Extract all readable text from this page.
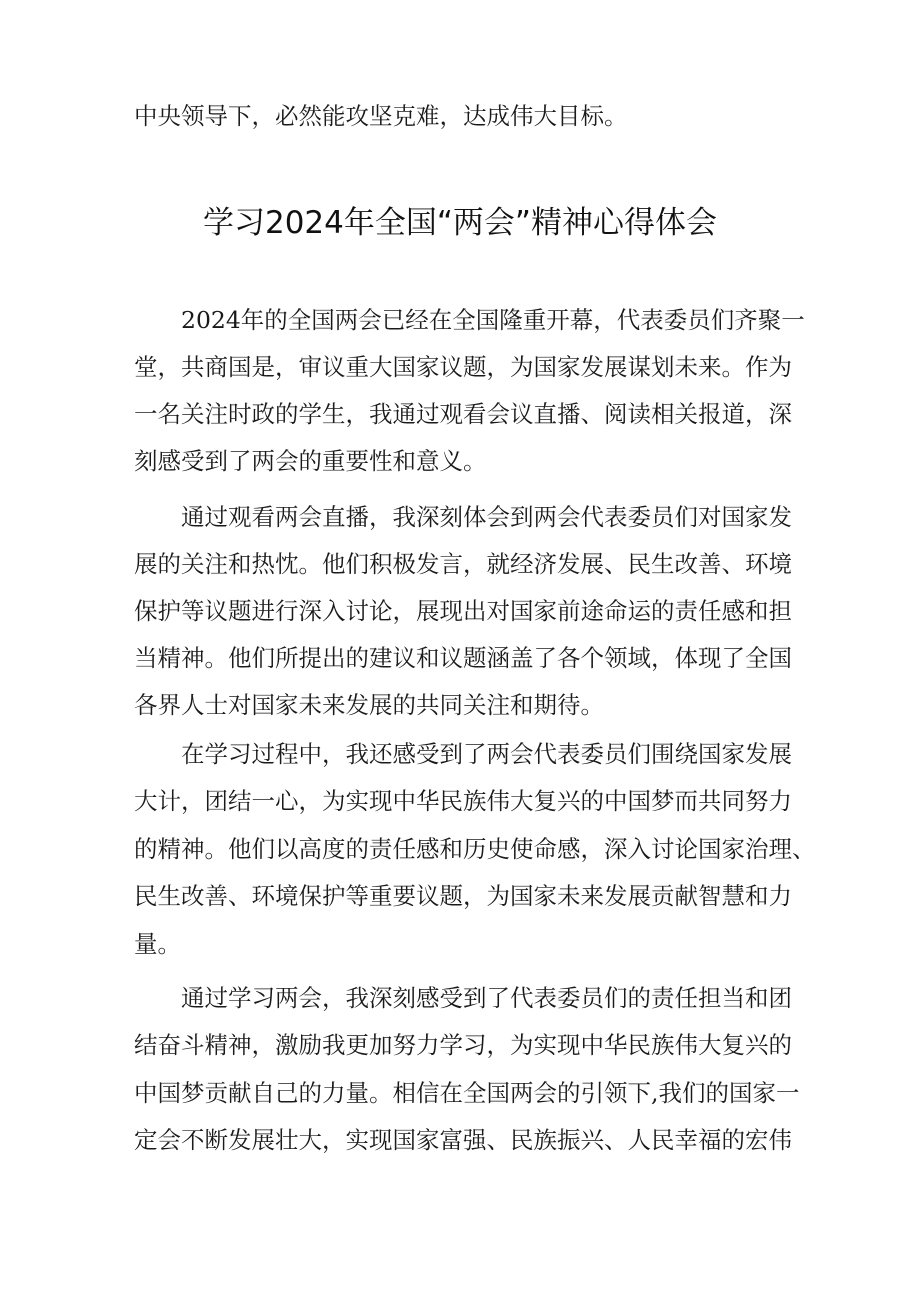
中央领导下，必然能攻坚克难，达成伟大目标。
学习2024年全国“两会”精神心得体会
　　2024年的全国两会已经在全国隆重开幕，代表委员们齐聚一
堂，共商国是，审议重大国家议题，为国家发展谋划未来。作为
一名关注时政的学生，我通过观看会议直播、阅读相关报道，深
刻感受到了两会的重要性和意义。
　　通过观看两会直播，我深刻体会到两会代表委员们对国家发
展的关注和热忱。他们积极发言，就经济发展、民生改善、环境
保护等议题进行深入讨论，展现出对国家前途命运的责任感和担
当精神。他们所提出的建议和议题涵盖了各个领域，体现了全国
各界人士对国家未来发展的共同关注和期待。
　　在学习过程中，我还感受到了两会代表委员们围绕国家发展
大计，团结一心，为实现中华民族伟大复兴的中国梦而共同努力
的精神。他们以高度的责任感和历史使命感，深入讨论国家治理、
民生改善、环境保护等重要议题，为国家未来发展贡献智慧和力
量。
　　通过学习两会，我深刻感受到了代表委员们的责任担当和团
结奋斗精神，激励我更加努力学习，为实现中华民族伟大复兴的
中国梦贡献自己的力量。相信在全国两会的引领下,我们的国家一
定会不断发展壮大，实现国家富强、民族振兴、人民幸福的宏伟
